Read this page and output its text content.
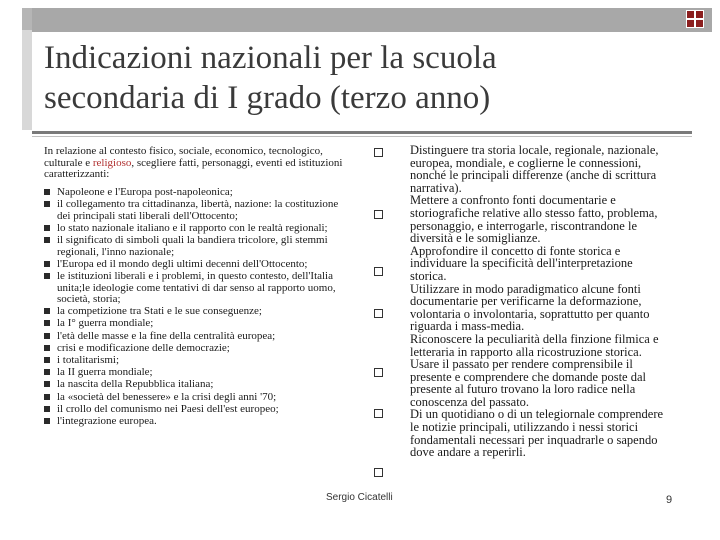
Indicazioni nazionali per la scuola
secondaria di I grado (terzo anno)

In relazione al contesto fisico, sociale, economico, tecnologico, culturale e religioso, scegliere fatti, personaggi, eventi ed istituzioni caratterizzanti:

Napoleone e l'Europa post-napoleonica;
il collegamento tra cittadinanza, libertà, nazione: la costituzione dei principali stati liberali dell'Ottocento;
lo stato nazionale italiano e il rapporto con le realtà regionali;
il significato di simboli quali la bandiera tricolore, gli stemmi regionali, l'inno nazionale;
l'Europa ed il mondo degli ultimi decenni dell'Ottocento;
le istituzioni liberali e i problemi, in questo contesto, dell'Italia unita;le ideologie come tentativi di dar senso al rapporto uomo, società, storia;
la competizione tra Stati e le sue conseguenze;
la I° guerra mondiale;
l'età delle masse e la fine della centralità europea;
crisi e modificazione delle democrazie;
i totalitarismi;
la II guerra mondiale;
la nascita della Repubblica italiana;
la «società del benessere» e la crisi degli anni '70;
il crollo del comunismo nei Paesi dell'est europeo;
l'integrazione europea.

Distinguere tra storia locale, regionale, nazionale, europea, mondiale, e coglierne le connessioni, nonché le principali differenze (anche di scrittura narrativa).

Mettere a confronto fonti documentarie e storiografiche relative allo stesso fatto, problema, personaggio, e interrogarle, riscontrandone le diversità e le somiglianze.

Approfondire il concetto di fonte storica e individuare la specificità dell'interpretazione storica.

Utilizzare in modo paradigmatico alcune fonti documentarie per verificarne la deformazione, volontaria o involontaria, soprattutto per quanto riguarda i mass-media.

Riconoscere la peculiarità della finzione filmica e letteraria in rapporto alla ricostruzione storica.

Usare il passato per rendere comprensibile il presente e comprendere che domande poste dal presente al futuro trovano la loro radice nella conoscenza del passato.

Di un quotidiano o di un telegiornale comprendere le notizie principali, utilizzando i nessi storici fondamentali necessari per inquadrarle o sapendo dove andare a reperirli.

Sergio Cicatelli	9
